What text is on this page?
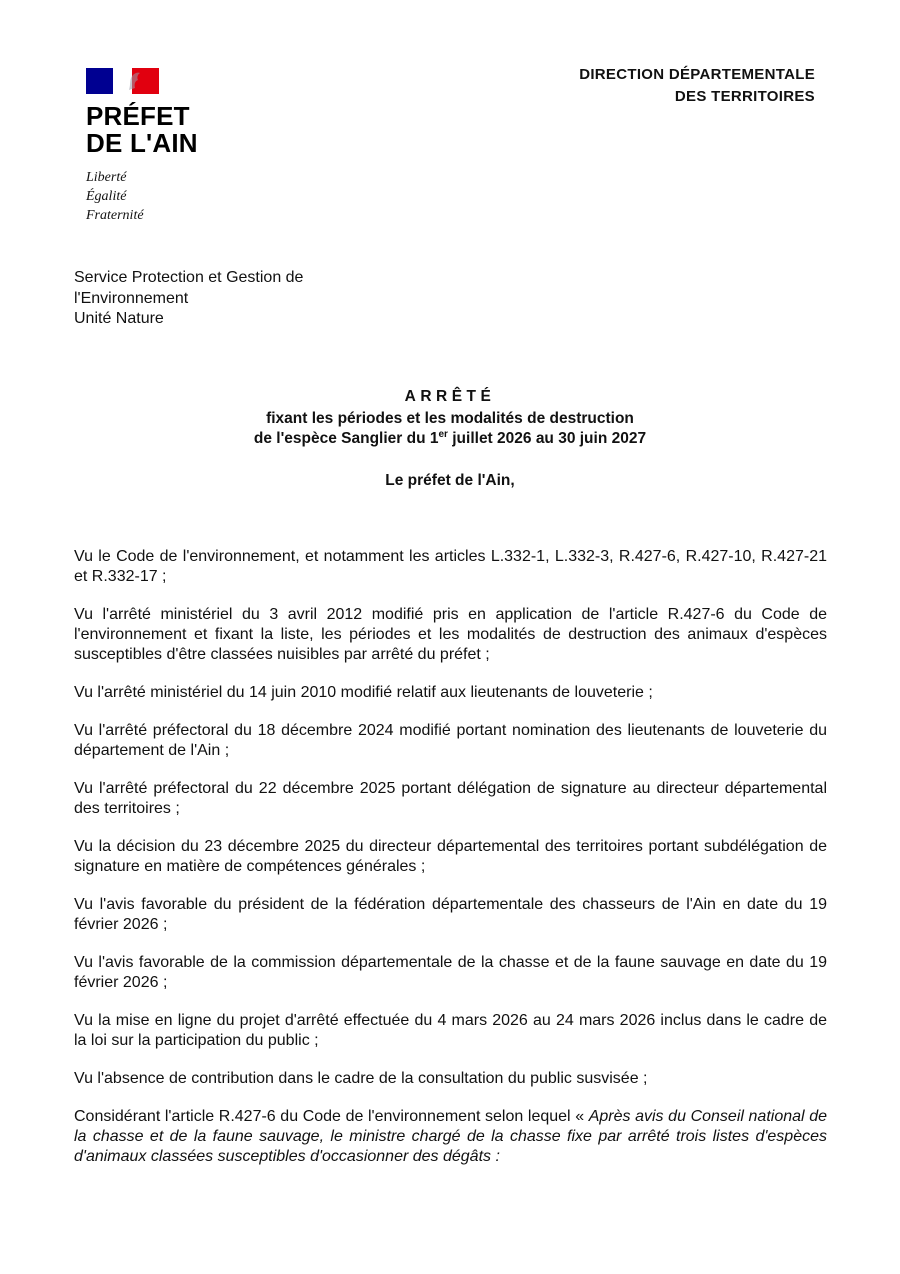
PRÉFET
DE L'AIN
Liberté
Égalité
Fraternité
DIRECTION DÉPARTEMENTALE
DES TERRITOIRES
Service Protection et Gestion de
l'Environnement
Unité Nature
ARRÊTÉ
fixant les périodes et les modalités de destruction
de l'espèce Sanglier du 1er juillet 2026 au 30 juin 2027
Le préfet de l'Ain,

Vu le Code de l'environnement, et notamment les articles L.332-1, L.332-3, R.427-6, R.427-10, R.427-21 et R.332-17 ;

Vu l'arrêté ministériel du 3 avril 2012 modifié pris en application de l'article R.427-6 du Code de l'environnement et fixant la liste, les périodes et les modalités de destruction des animaux d'espèces susceptibles d'être classées nuisibles par arrêté du préfet ;

Vu l'arrêté ministériel du 14 juin 2010 modifié relatif aux lieutenants de louveterie ;

Vu l'arrêté préfectoral du 18 décembre 2024 modifié portant nomination des lieutenants de louveterie du département de l'Ain ;

Vu l'arrêté préfectoral du 22 décembre 2025 portant délégation de signature au directeur départemental des territoires ;

Vu la décision du 23 décembre 2025 du directeur départemental des territoires portant subdélégation de signature en matière de compétences générales ;

Vu l'avis favorable du président de la fédération départementale des chasseurs de l'Ain en date du 19 février 2026 ;

Vu l'avis favorable de la commission départementale de la chasse et de la faune sauvage en date du 19 février 2026 ;

Vu la mise en ligne du projet d'arrêté effectuée du 4 mars 2026 au 24 mars 2026 inclus dans le cadre de la loi sur la participation du public ;

Vu l'absence de contribution dans le cadre de la consultation du public susvisée ;

Considérant l'article R.427-6 du Code de l'environnement selon lequel « Après avis du Conseil national de la chasse et de la faune sauvage, le ministre chargé de la chasse fixe par arrêté trois listes d'espèces d'animaux classées susceptibles d'occasionner des dégâts :
